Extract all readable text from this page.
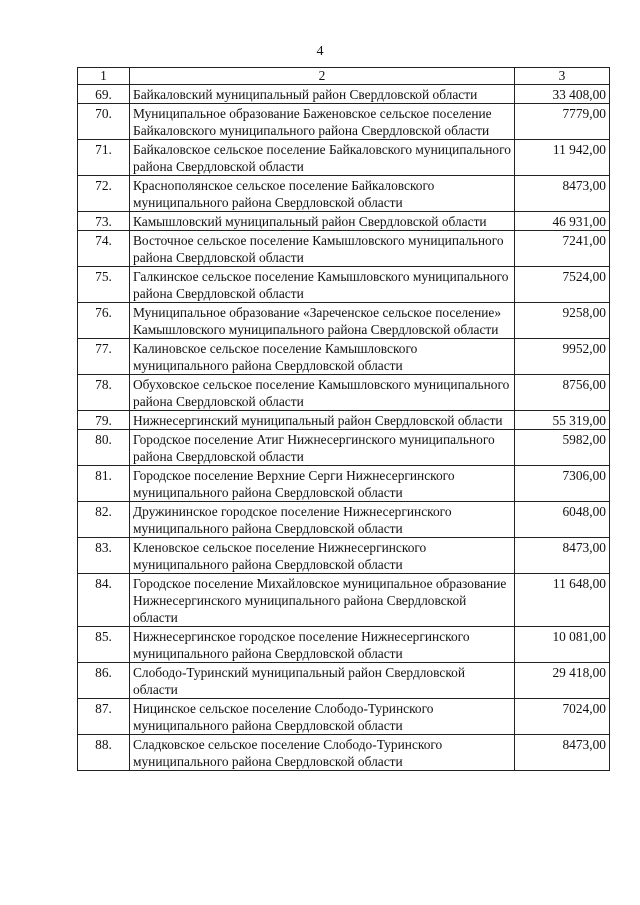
4
1	2	3
69.	Байкаловский муниципальный район Свердловской области	33 408,00
70.	Муниципальное образование Баженовское сельское поселение Байкаловского муниципального района Свердловской области	7779,00
71.	Байкаловское сельское поселение Байкаловского муниципального района Свердловской области	11 942,00
72.	Краснополянское сельское поселение Байкаловского муниципального района Свердловской области	8473,00
73.	Камышловский муниципальный район Свердловской области	46 931,00
74.	Восточное сельское поселение Камышловского муниципального района Свердловской области	7241,00
75.	Галкинское сельское поселение Камышловского муниципального района Свердловской области	7524,00
76.	Муниципальное образование «Зареченское сельское поселение» Камышловского муниципального района Свердловской области	9258,00
77.	Калиновское сельское поселение Камышловского муниципального района Свердловской области	9952,00
78.	Обуховское сельское поселение Камышловского муниципального района Свердловской области	8756,00
79.	Нижнесергинский муниципальный район Свердловской области	55 319,00
80.	Городское поселение Атиг Нижнесергинского муниципального района Свердловской области	5982,00
81.	Городское поселение Верхние Серги Нижнесергинского муниципального района Свердловской области	7306,00
82.	Дружининское городское поселение Нижнесергинского муниципального района Свердловской области	6048,00
83.	Кленовское сельское поселение Нижнесергинского муниципального района Свердловской области	8473,00
84.	Городское поселение Михайловское муниципальное образование Нижнесергинского муниципального района Свердловской области	11 648,00
85.	Нижнесергинское городское поселение Нижнесергинского муниципального района Свердловской области	10 081,00
86.	Слободо-Туринский муниципальный район Свердловской области	29 418,00
87.	Ницинское сельское поселение Слободо-Туринского муниципального района Свердловской области	7024,00
88.	Сладковское сельское поселение Слободо-Туринского муниципального района Свердловской области	8473,00
